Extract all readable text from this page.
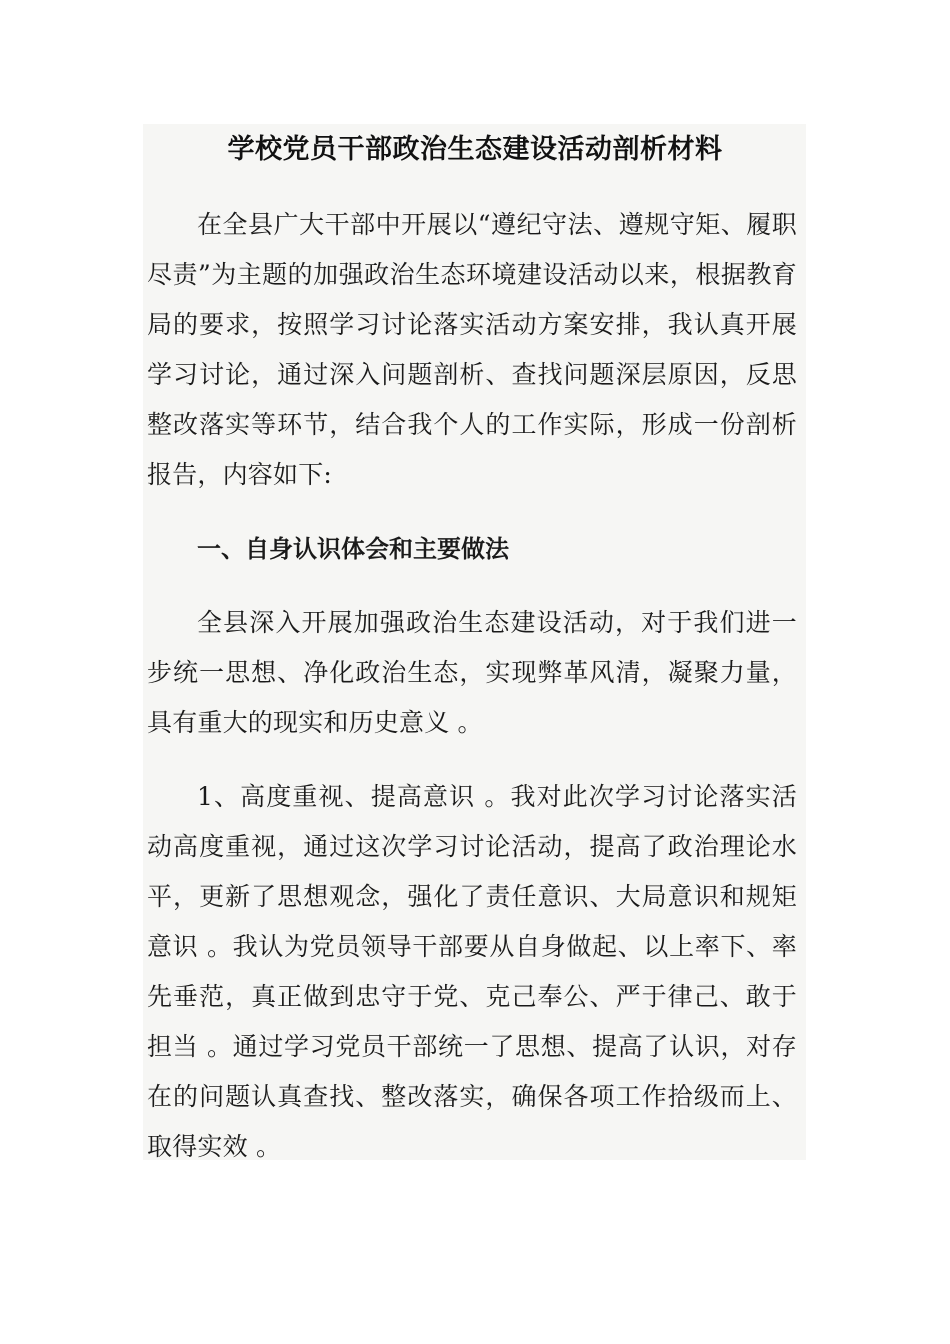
学校党员干部政治生态建设活动剖析材料

在全县广大干部中开展以“遵纪守法、遵规守矩、履职尽责”为主题的加强政治生态环境建设活动以来，根据教育局的要求，按照学习讨论落实活动方案安排，我认真开展学习讨论，通过深入问题剖析、查找问题深层原因，反思整改落实等环节，结合我个人的工作实际，形成一份剖析报告，内容如下:

一、自身认识体会和主要做法

全县深入开展加强政治生态建设活动，对于我们进一步统一思想、净化政治生态，实现弊革风清，凝聚力量，具有重大的现实和历史意义 。

1、高度重视、提高意识 。我对此次学习讨论落实活动高度重视，通过这次学习讨论活动，提高了政治理论水平，更新了思想观念，强化了责任意识、大局意识和规矩意识 。我认为党员领导干部要从自身做起、以上率下、率先垂范，真正做到忠守于党、克己奉公、严于律己、敢于担当 。通过学习党员干部统一了思想、提高了认识，对存在的问题认真查找、整改落实，确保各项工作拾级而上、取得实效 。
